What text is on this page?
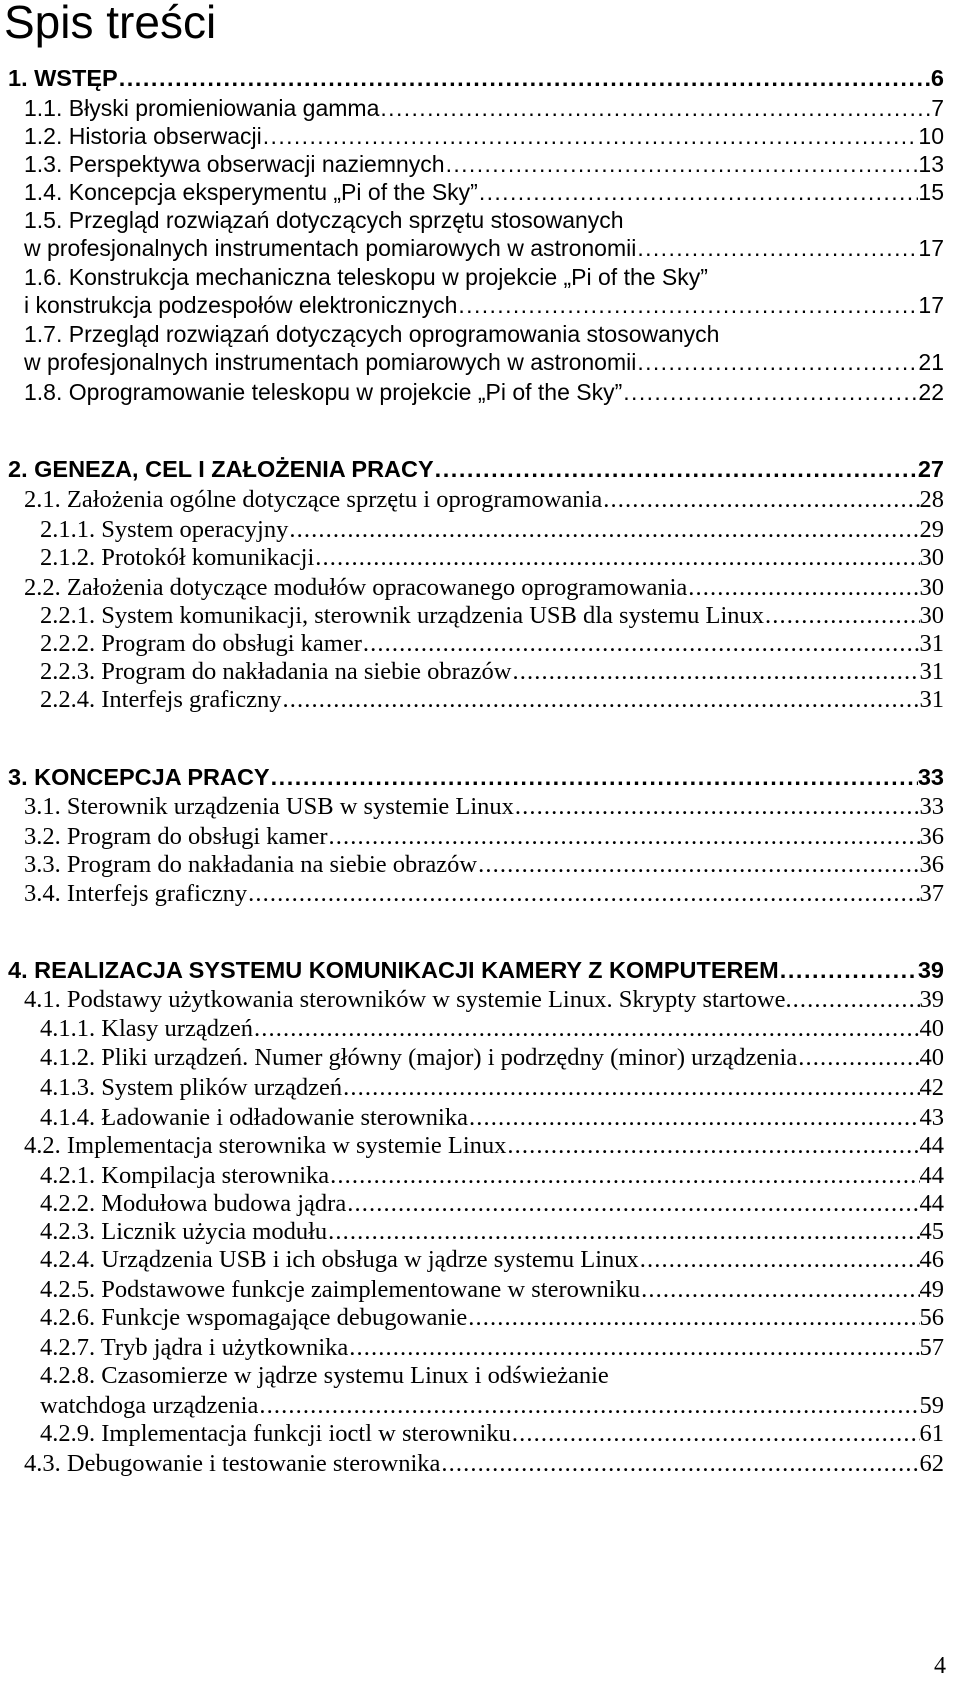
Spis treści
1. WSTĘP . . .	6
1.1. Błyski promieniowania gamma . . .	7
1.2. Historia obserwacji . . .	10
1.3. Perspektywa obserwacji naziemnych . . .	13
1.4. Koncepcja eksperymentu „Pi of the Sky” . . .	15
1.5. Przegląd rozwiązań dotyczących sprzętu stosowanych
w profesjonalnych instrumentach pomiarowych w astronomii . . .	17
1.6. Konstrukcja mechaniczna teleskopu w projekcie „Pi of the Sky”
i konstrukcja podzespołów elektronicznych . . .	17
1.7. Przegląd rozwiązań dotyczących oprogramowania stosowanych
w profesjonalnych instrumentach pomiarowych w astronomii . . .	21
1.8. Oprogramowanie teleskopu w projekcie „Pi of the Sky” . . .	22
2. GENEZA, CEL I ZAŁOŻENIA PRACY . . .	27
2.1. Założenia ogólne dotyczące sprzętu i oprogramowania . . .	28
2.1.1. System operacyjny . . .	29
2.1.2. Protokół komunikacji . . .	30
2.2. Założenia dotyczące modułów opracowanego oprogramowania . . .	30
2.2.1. System komunikacji, sterownik urządzenia USB dla systemu Linux . . .	30
2.2.2. Program do obsługi kamer . . .	31
2.2.3. Program do nakładania na siebie obrazów . . .	31
2.2.4. Interfejs graficzny . . .	31
3. KONCEPCJA PRACY . . .	33
3.1. Sterownik urządzenia USB w systemie Linux . . .	33
3.2. Program do obsługi kamer . . .	36
3.3. Program do nakładania na siebie obrazów . . .	36
3.4. Interfejs graficzny . . .	37
4. REALIZACJA SYSTEMU KOMUNIKACJI KAMERY Z KOMPUTEREM . . .	39
4.1. Podstawy użytkowania sterowników w systemie Linux. Skrypty startowe. . . .	39
4.1.1. Klasy urządzeń . . .	40
4.1.2. Pliki urządzeń. Numer główny (major) i podrzędny (minor) urządzenia . . .	40
4.1.3. System plików urządzeń . . .	42
4.1.4. Ładowanie i odładowanie sterownika . . .	43
4.2. Implementacja sterownika w systemie Linux . . .	44
4.2.1. Kompilacja sterownika . . .	44
4.2.2. Modułowa budowa jądra . . .	44
4.2.3. Licznik użycia modułu . . .	45
4.2.4. Urządzenia USB i ich obsługa w jądrze systemu Linux . . .	46
4.2.5. Podstawowe funkcje zaimplementowane w sterowniku . . .	49
4.2.6. Funkcje wspomagające debugowanie . . .	56
4.2.7. Tryb jądra i użytkownika . . .	57
4.2.8. Czasomierze w jądrze systemu Linux i odświeżanie
watchdoga urządzenia . . .	59
4.2.9. Implementacja funkcji ioctl w sterowniku . . .	61
4.3. Debugowanie i testowanie sterownika . . .	62
4
